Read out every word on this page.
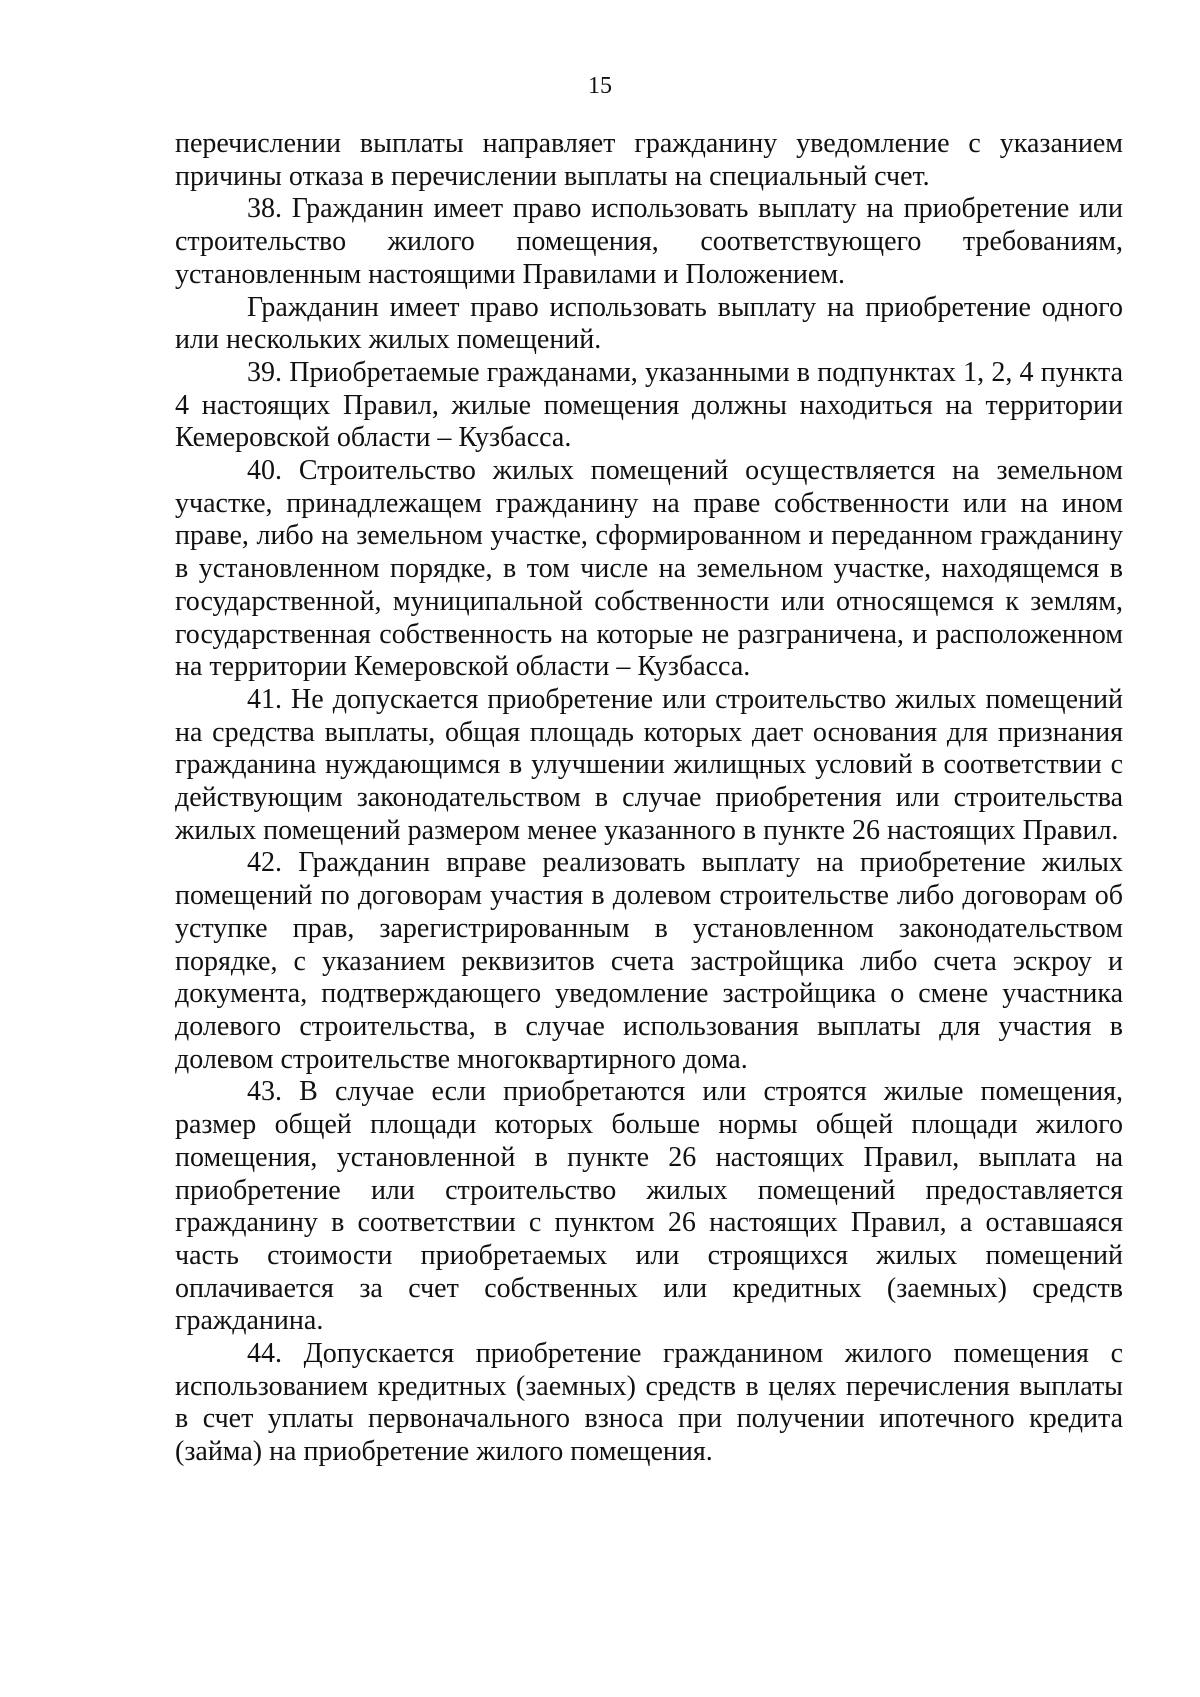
15

перечислении выплаты направляет гражданину уведомление с указанием причины отказа в перечислении выплаты на специальный счет.

38. Гражданин имеет право использовать выплату на приобретение или строительство жилого помещения, соответствующего требованиям, установленным настоящими Правилами и Положением.

Гражданин имеет право использовать выплату на приобретение одного или нескольких жилых помещений.

39. Приобретаемые гражданами, указанными в подпунктах 1, 2, 4 пункта 4 настоящих Правил, жилые помещения должны находиться на территории Кемеровской области – Кузбасса.

40. Строительство жилых помещений осуществляется на земельном участке, принадлежащем гражданину на праве собственности или на ином праве, либо на земельном участке, сформированном и переданном гражданину в установленном порядке, в том числе на земельном участке, находящемся в государственной, муниципальной собственности или относящемся к землям, государственная собственность на которые не разграничена, и расположенном на территории Кемеровской области – Кузбасса.

41. Не допускается приобретение или строительство жилых помещений на средства выплаты, общая площадь которых дает основания для признания гражданина нуждающимся в улучшении жилищных условий в соответствии с действующим законодательством в случае приобретения или строительства жилых помещений размером менее указанного в пункте 26 настоящих Правил.

42. Гражданин вправе реализовать выплату на приобретение жилых помещений по договорам участия в долевом строительстве либо договорам об уступке прав, зарегистрированным в установленном законодательством порядке, с указанием реквизитов счета застройщика либо счета эскроу и документа, подтверждающего уведомление застройщика о смене участника долевого строительства, в случае использования выплаты для участия в долевом строительстве многоквартирного дома.

43. В случае если приобретаются или строятся жилые помещения, размер общей площади которых больше нормы общей площади жилого помещения, установленной в пункте 26 настоящих Правил, выплата на приобретение или строительство жилых помещений предоставляется гражданину в соответствии с пунктом 26 настоящих Правил, а оставшаяся часть стоимости приобретаемых или строящихся жилых помещений оплачивается за счет собственных или кредитных (заемных) средств гражданина.

44. Допускается приобретение гражданином жилого помещения с использованием кредитных (заемных) средств в целях перечисления выплаты в счет уплаты первоначального взноса при получении ипотечного кредита (займа) на приобретение жилого помещения.
